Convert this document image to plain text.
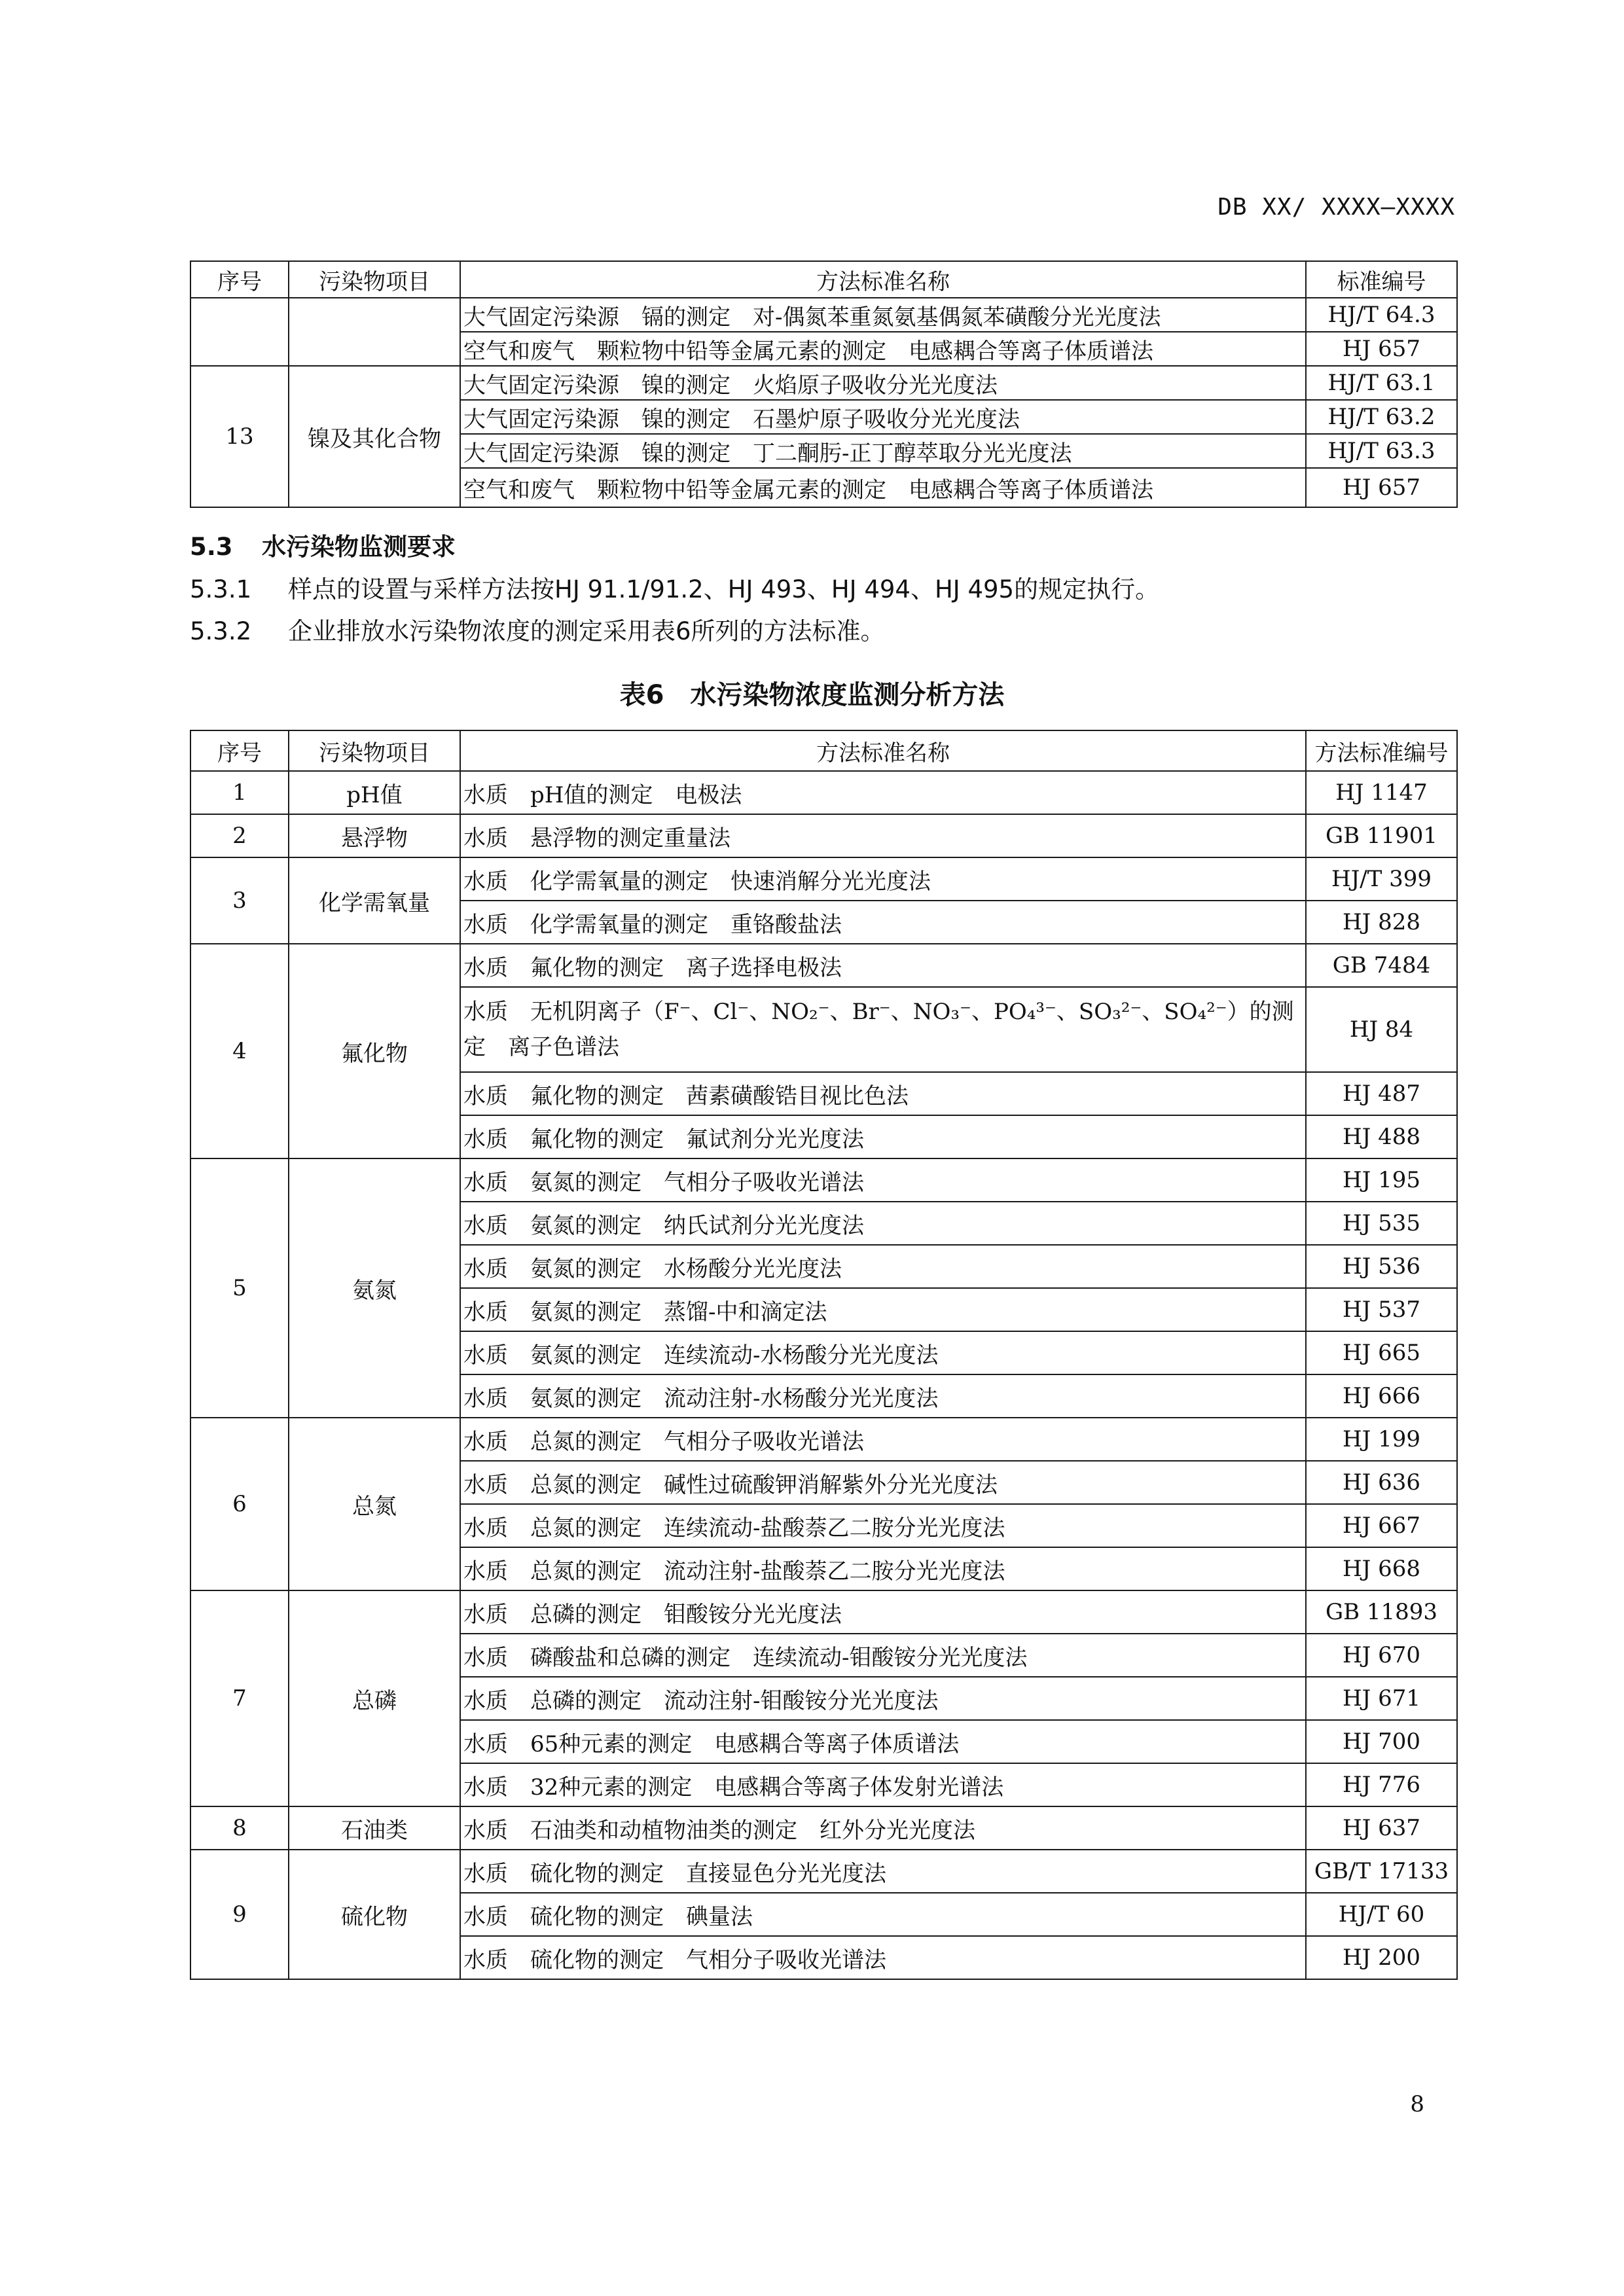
DB XX/ XXXX—XXXX
序号	污染物项目	方法标准名称	标准编号
		大气固定污染源　镉的测定　对-偶氮苯重氮氨基偶氮苯磺酸分光光度法	HJ/T 64.3
		空气和废气　颗粒物中铅等金属元素的测定　电感耦合等离子体质谱法	HJ 657
13	镍及其化合物	大气固定污染源　镍的测定　火焰原子吸收分光光度法	HJ/T 63.1
		大气固定污染源　镍的测定　石墨炉原子吸收分光光度法	HJ/T 63.2
		大气固定污染源　镍的测定　丁二酮肟-正丁醇萃取分光光度法	HJ/T 63.3
		空气和废气　颗粒物中铅等金属元素的测定　电感耦合等离子体质谱法	HJ 657
5.3 水污染物监测要求
5.3.1 样点的设置与采样方法按HJ 91.1/91.2、HJ 493、HJ 494、HJ 495的规定执行。
5.3.2 企业排放水污染物浓度的测定采用表6所列的方法标准。
表6　水污染物浓度监测分析方法
序号	污染物项目	方法标准名称	方法标准编号
1	pH值	水质　pH值的测定　电极法	HJ 1147
2	悬浮物	水质　悬浮物的测定重量法	GB 11901
3	化学需氧量	水质　化学需氧量的测定　快速消解分光光度法	HJ/T 399
		水质　化学需氧量的测定　重铬酸盐法	HJ 828
4	氟化物	水质　氟化物的测定　离子选择电极法	GB 7484
		水质　无机阴离子（F⁻、Cl⁻、NO₂⁻、Br⁻、NO₃⁻、PO₄³⁻、SO₃²⁻、SO₄²⁻）的测定　离子色谱法	HJ 84
		水质　氟化物的测定　茜素磺酸锆目视比色法	HJ 487
		水质　氟化物的测定　氟试剂分光光度法	HJ 488
5	氨氮	水质　氨氮的测定　气相分子吸收光谱法	HJ 195
		水质　氨氮的测定　纳氏试剂分光光度法	HJ 535
		水质　氨氮的测定　水杨酸分光光度法	HJ 536
		水质　氨氮的测定　蒸馏-中和滴定法	HJ 537
		水质　氨氮的测定　连续流动-水杨酸分光光度法	HJ 665
		水质　氨氮的测定　流动注射-水杨酸分光光度法	HJ 666
6	总氮	水质　总氮的测定　气相分子吸收光谱法	HJ 199
		水质　总氮的测定　碱性过硫酸钾消解紫外分光光度法	HJ 636
		水质　总氮的测定　连续流动-盐酸萘乙二胺分光光度法	HJ 667
		水质　总氮的测定　流动注射-盐酸萘乙二胺分光光度法	HJ 668
7	总磷	水质　总磷的测定　钼酸铵分光光度法	GB 11893
		水质　磷酸盐和总磷的测定　连续流动-钼酸铵分光光度法	HJ 670
		水质　总磷的测定　流动注射-钼酸铵分光光度法	HJ 671
		水质　65种元素的测定　电感耦合等离子体质谱法	HJ 700
		水质　32种元素的测定　电感耦合等离子体发射光谱法	HJ 776
8	石油类	水质　石油类和动植物油类的测定　红外分光光度法	HJ 637
9	硫化物	水质　硫化物的测定　直接显色分光光度法	GB/T 17133
		水质　硫化物的测定　碘量法	HJ/T 60
		水质　硫化物的测定　气相分子吸收光谱法	HJ 200
8
